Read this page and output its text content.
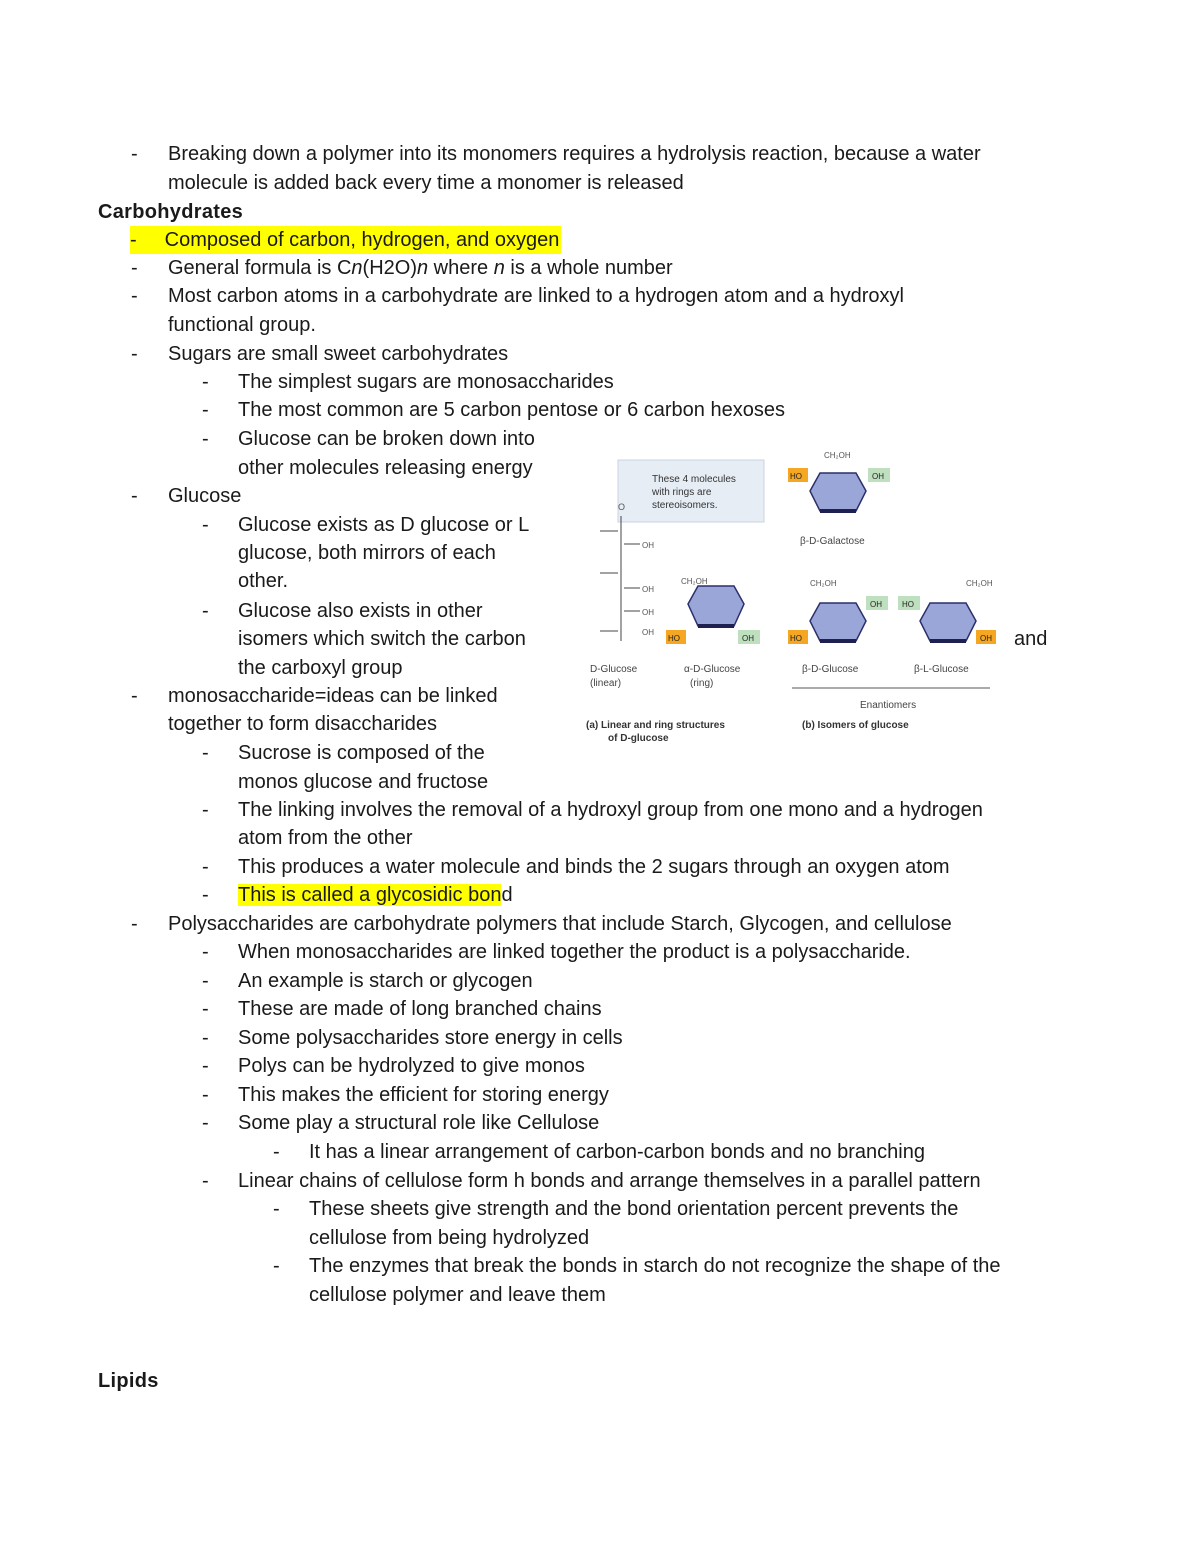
- Breaking down a polymer into its monomers requires a hydrolysis reaction, because a water
molecule is added back every time a monomer is released
Carbohydrates
- Composed of carbon, hydrogen, and oxygen
- General formula is Cn(H2O)n where n is a whole number
- Most carbon atoms in a carbohydrate are linked to a hydrogen atom and a hydroxyl
functional group.
- Sugars are small sweet carbohydrates
- The simplest sugars are monosaccharides
- The most common are 5 carbon pentose or 6 carbon hexoses
- Glucose can be broken down into
other molecules releasing energy
- Glucose
- Glucose exists as D glucose or L
glucose, both mirrors of each
other.
- Glucose also exists in other
isomers which switch the carbon	and
the carboxyl group
- monosaccharide=ideas can be linked
together to form disaccharides
- Sucrose is composed of the
monos glucose and fructose
- The linking involves the removal of a hydroxyl group from one mono and a hydrogen
atom from the other
- This produces a water molecule and binds the 2 sugars through an oxygen atom
- This is called a glycosidic bond
- Polysaccharides are carbohydrate polymers that include Starch, Glycogen, and cellulose
- When monosaccharides are linked together the product is a polysaccharide.
- An example is starch or glycogen
- These are made of long branched chains
- Some polysaccharides store energy in cells
- Polys can be hydrolyzed to give monos
- This makes the efficient for storing energy
- Some play a structural role like Cellulose
- It has a linear arrangement of carbon-carbon bonds and no branching
- Linear chains of cellulose form h bonds and arrange themselves in a parallel pattern
- These sheets give strength and the bond orientation percent prevents the
cellulose from being hydrolyzed
- The enzymes that break the bonds in starch do not recognize the shape of the
cellulose polymer and leave them
Lipids
These 4 molecules
with rings are
stereoisomers.
O
OH
OH
OH
OH
D-Glucose
(linear)
CH₂OH
HO	OH
α-D-Glucose
(ring)
CH₂OH
HO	OH
β-D-Galactose
CH₂OH
HO
OH
β-D-Glucose
CH₂OH
HO
OH
β-L-Glucose
Enantiomers
(a) Linear and ring structures
of D-glucose
(b) Isomers of glucose
